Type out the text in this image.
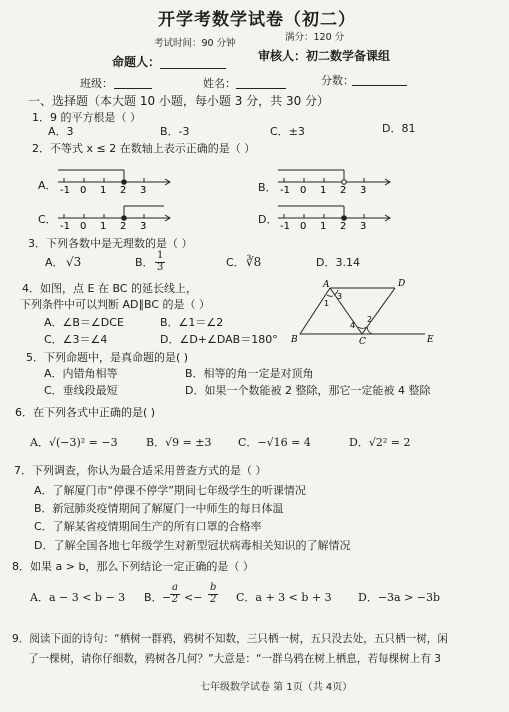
开学考数学试卷（初二）
考试时间：90 分钟
满分：120 分
命题人：	审核人：初二数学备课组
班级：	姓名：	分数：
一、选择题（本大题 10 小题，每小题 3 分，共 30 分）
1．9 的平方根是（ ）
A．3	B．-3	C．±3	D．81
2．不等式 x ≤ 2 在数轴上表示正确的是（ ）
A． -1 0 1 2 3	B． -1 0 1 2 3
C．
-1 0 1 2 3
D．
-1 0 1 2 3
3．下列各数中是无理数的是（ ）
A． √3	B． $\frac{1}{3}$	C． ∛8	D．3.14
4．如图，点 E 在 BC 的延长线上，
下列条件中可以判断 AD∥BC 的是（ ）
A．∠B＝∠DCE	B．∠1＝∠2
C．∠3＝∠4	D．∠D+∠DAB＝180°
A	D
B	C	E
1
2
3
4
5．下列命题中，是真命题的是( )
A．内错角相等	B．相等的角一定是对顶角
C．垂线段最短	D．如果一个数能被 2 整除，那它一定能被 4 整除
6．在下列各式中正确的是( )
A．√(−3)² = −3	B．√9 = ±3 C．−√16 = 4	D．√2² = 2
7．下列调查，你认为最合适采用普查方式的是（ ）
A．了解厦门市“停课不停学”期间七年级学生的听课情况
B．新冠肺炎疫情期间了解厦门一中师生的每日体温
C．了解某省疫情期间生产的所有口罩的合格率
D．了解全国各地七年级学生对新型冠状病毒相关知识的了解情况
8．如果 a > b，那么下列结论一定正确的是（ ）
A．a − 3 < b − 3 B． −
$\frac{a}{2} <- \frac{b}{2}$ C．a + 3 < b + 3 D．−3a > −3b
9．阅读下面的诗句：“栖树一群鸦，鸦树不知数，三只栖一树，五只没去处，五只栖一树，闲
了一棵树，请你仔细数，鸦树各几何？”大意是：“一群乌鸦在树上栖息，若每棵树上有 3
七年级数学试卷 第 1页（共 4页）
